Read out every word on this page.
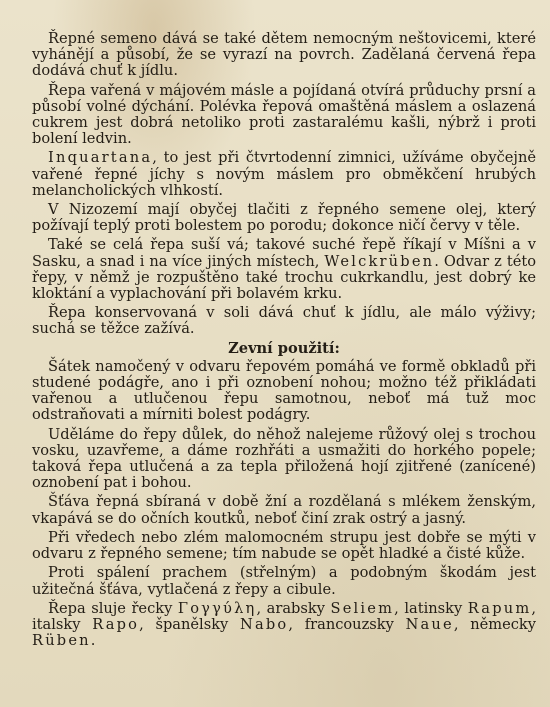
Řepné semeno dává se také dětem nemocným neštovicemi, které vyhánějí a působí, že se vyrazí na povrch. Zadělaná červená řepa dodává chuť k jídlu.

Řepa vařená v májovém másle a pojídaná otvírá průduchy prsní a působí volné dýchání. Polévka řepová omaštěná máslem a oslazená cukrem jest dobrá netoliko proti zastaralému kašli, nýbrž i proti bolení ledvin.

Inquartana, to jest při čtvrtodenní zimnici, užíváme obyčejně vařené řepné jíchy s novým máslem pro obměkčení hrubých melancholických vlhkostí.

V Nizozemí mají obyčej tlačiti z řepného semene olej, který požívají teplý proti bolestem po porodu; dokonce ničí červy v těle.

Také se celá řepa suší vá; takové suché řepě říkají v Míšni a v Sasku, a snad i na více jiných místech, Welckrüben. Odvar z této řepy, v němž je rozpuštěno také trochu cukrkandlu, jest dobrý ke kloktání a vyplachování při bolavém krku.

Řepa konservovaná v soli dává chuť k jídlu, ale málo výživy; suchá se těžce zažívá.

Zevní použití:

Šátek namočený v odvaru řepovém pomáhá ve formě obkladů při studené podágře, ano i při oznobení nohou; možno též přikládati vařenou a utlučenou řepu samotnou, neboť má tuž moc odstraňovati a mírniti bolest podágry.

Uděláme do řepy důlek, do něhož nalejeme růžový olej s trochou vosku, uzavřeme, a dáme rozhřáti a usmažiti do horkého popele; taková řepa utlučená a za tepla přiložená hojí zjitřené (zanícené) oznobení pat i bohou.

Šťáva řepná sbíraná v době žní a rozdělaná s mlékem ženským, vkapává se do očních koutků, neboť činí zrak ostrý a jasný.

Při vředech nebo zlém malomocném strupu jest dobře se mýti v odvaru z řepného semene; tím nabude se opět hladké a čisté kůže.

Proti spálení prachem (střelným) a podobným škodám jest užitečná šťáva, vytlačená z řepy a cibule.

Řepa sluje řecky Γογγύλη, arabsky Seliem, latinsky Rapum, italsky Rapo, španělsky Nabo, francouzsky Naue, německy Rüben.
